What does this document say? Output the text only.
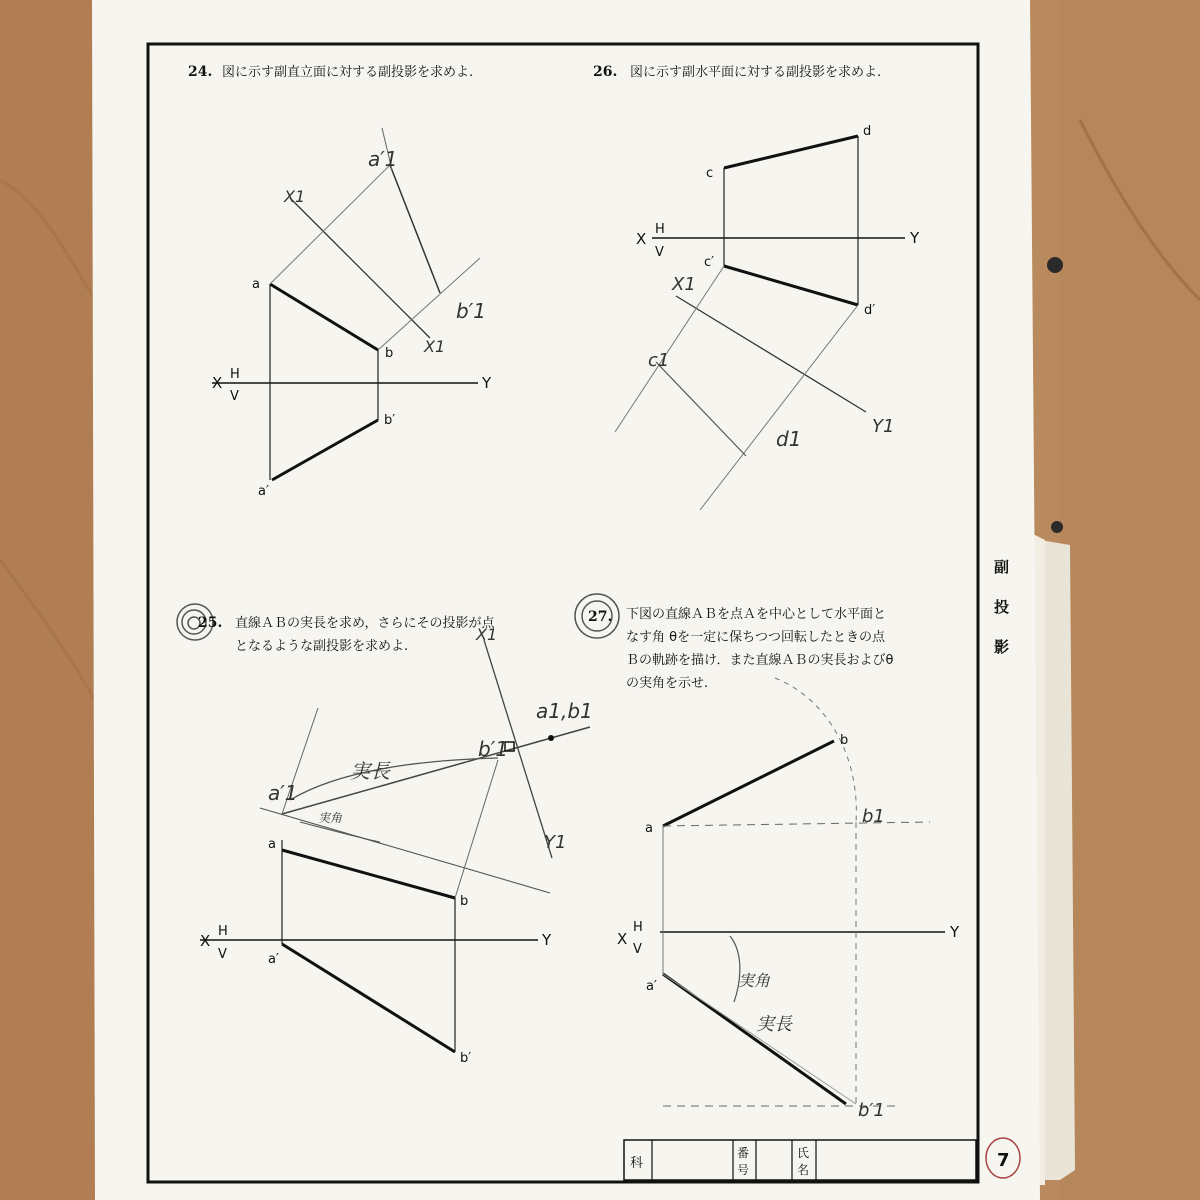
24. 図に示す副直立面に対する副投影を求めよ.
X H
V
Y
a
b
b′
a′
a′1
b′1
X1
X1
26. 図に示す副水平面に対する副投影を求めよ.
X
H
V
Y
c
d
c′
d′
X1
c1
d1
Y1
25. 直線ＡＢの実長を求め，さらにその投影が点
となるような副投影を求めよ.
X
H
V
Y
a
b
a′
b′
a′1
b′1
a1,b1
X1
Y1
実長
実角
27. 下図の直線ＡＢを点Ａを中心として水平面と
なす角 θを一定に保ちつつ回転したときの点
Ｂの軌跡を描け．また直線ＡＢの実長およびθ
の実角を示せ.
X
H
V
Y
a
b
a′
b1
b′1
実角
実長
副
投
影
科
番
号
氏
名	7
